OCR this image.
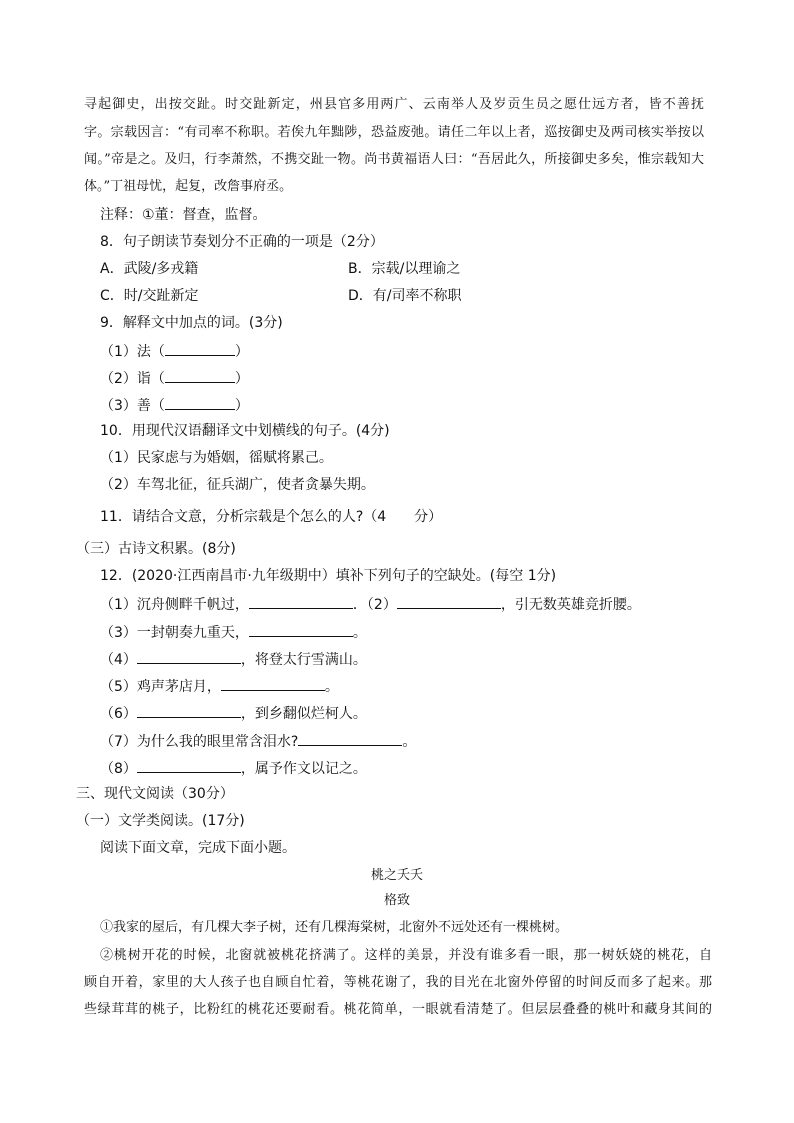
寻起御史，出按交趾。时交趾新定，州县官多用两广、云南举人及岁贡生员之愿仕远方者，皆不善抚
字。宗载因言：“有司率不称职。若俟九年黜陟，恐益废弛。请任二年以上者，巡按御史及两司核实举按以
闻。”帝是之。及归，行李萧然，不携交趾一物。尚书黄福语人曰：“吾居此久，所接御史多矣，惟宗载知大
体。”丁祖母忧，起复，改詹事府丞。
注释：①董：督查，监督。
8．句子朗读节奏划分不正确的一项是（2分）
A．武陵/多戎籍	B．宗载/以理谕之
C．时/交趾新定	D．有/司率不称职
9．解释文中加点的词。(3分)
（1）法（	）
（2）诣（	）
（3）善（	）
10．用现代汉语翻译文中划横线的句子。(4分)
（1）民家虑与为婚姻，徭赋将累己。
（2）车驾北征，征兵湖广，使者贪暴失期。
11．请结合文意，分析宗载是个怎么的人?（4　　分）
（三）古诗文积累。(8分)
12．(2020·江西南昌市·九年级期中）填补下列句子的空缺处。(每空 1分)
（1）沉舟侧畔千帆过，	．（2）	，引无数英雄竞折腰。
（3）一封朝奏九重天，	。
（4）	，将登太行雪满山。
（5）鸡声茅店月，	。
（6）	，到乡翻似烂柯人。
（7）为什么我的眼里常含泪水?	。
（8）	，属予作文以记之。
三、现代文阅读（30分）
（一）文学类阅读。(17分)
阅读下面文章，完成下面小题。
桃之夭夭
格致
①我家的屋后，有几棵大李子树，还有几棵海棠树，北窗外不远处还有一棵桃树。
②桃树开花的时候，北窗就被桃花挤满了。这样的美景，并没有谁多看一眼，那一树妖娆的桃花，自
顾自开着，家里的大人孩子也自顾自忙着，等桃花谢了，我的目光在北窗外停留的时间反而多了起来。那
些绿茸茸的桃子，比粉红的桃花还要耐看。桃花简单，一眼就看清楚了。但层层叠叠的桃叶和藏身其间的
